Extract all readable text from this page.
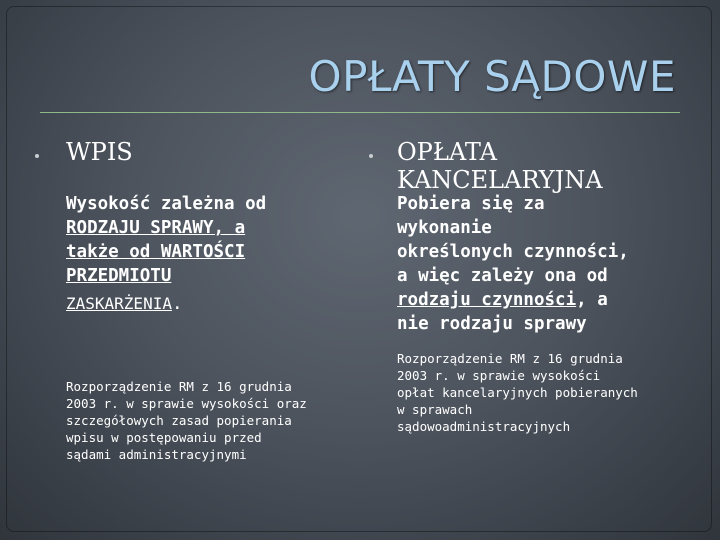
OPŁATY SĄDOWE
WPIS
Wysokość zależna od
RODZAJU SPRAWY, a
także od WARTOŚCI
PRZEDMIOTU
ZASKARŻENIA.
Rozporządzenie RM z 16 grudnia
2003 r. w sprawie wysokości oraz
szczegółowych zasad popierania
wpisu w postępowaniu przed
sądami administracyjnymi
OPŁATA
KANCELARYJNA
Pobiera się za
wykonanie
określonych czynności,
a więc zależy ona od
rodzaju czynności, a
nie rodzaju sprawy
Rozporządzenie RM z 16 grudnia
2003 r. w sprawie wysokości
opłat kancelaryjnych pobieranych
w sprawach
sądowoadministracyjnych
